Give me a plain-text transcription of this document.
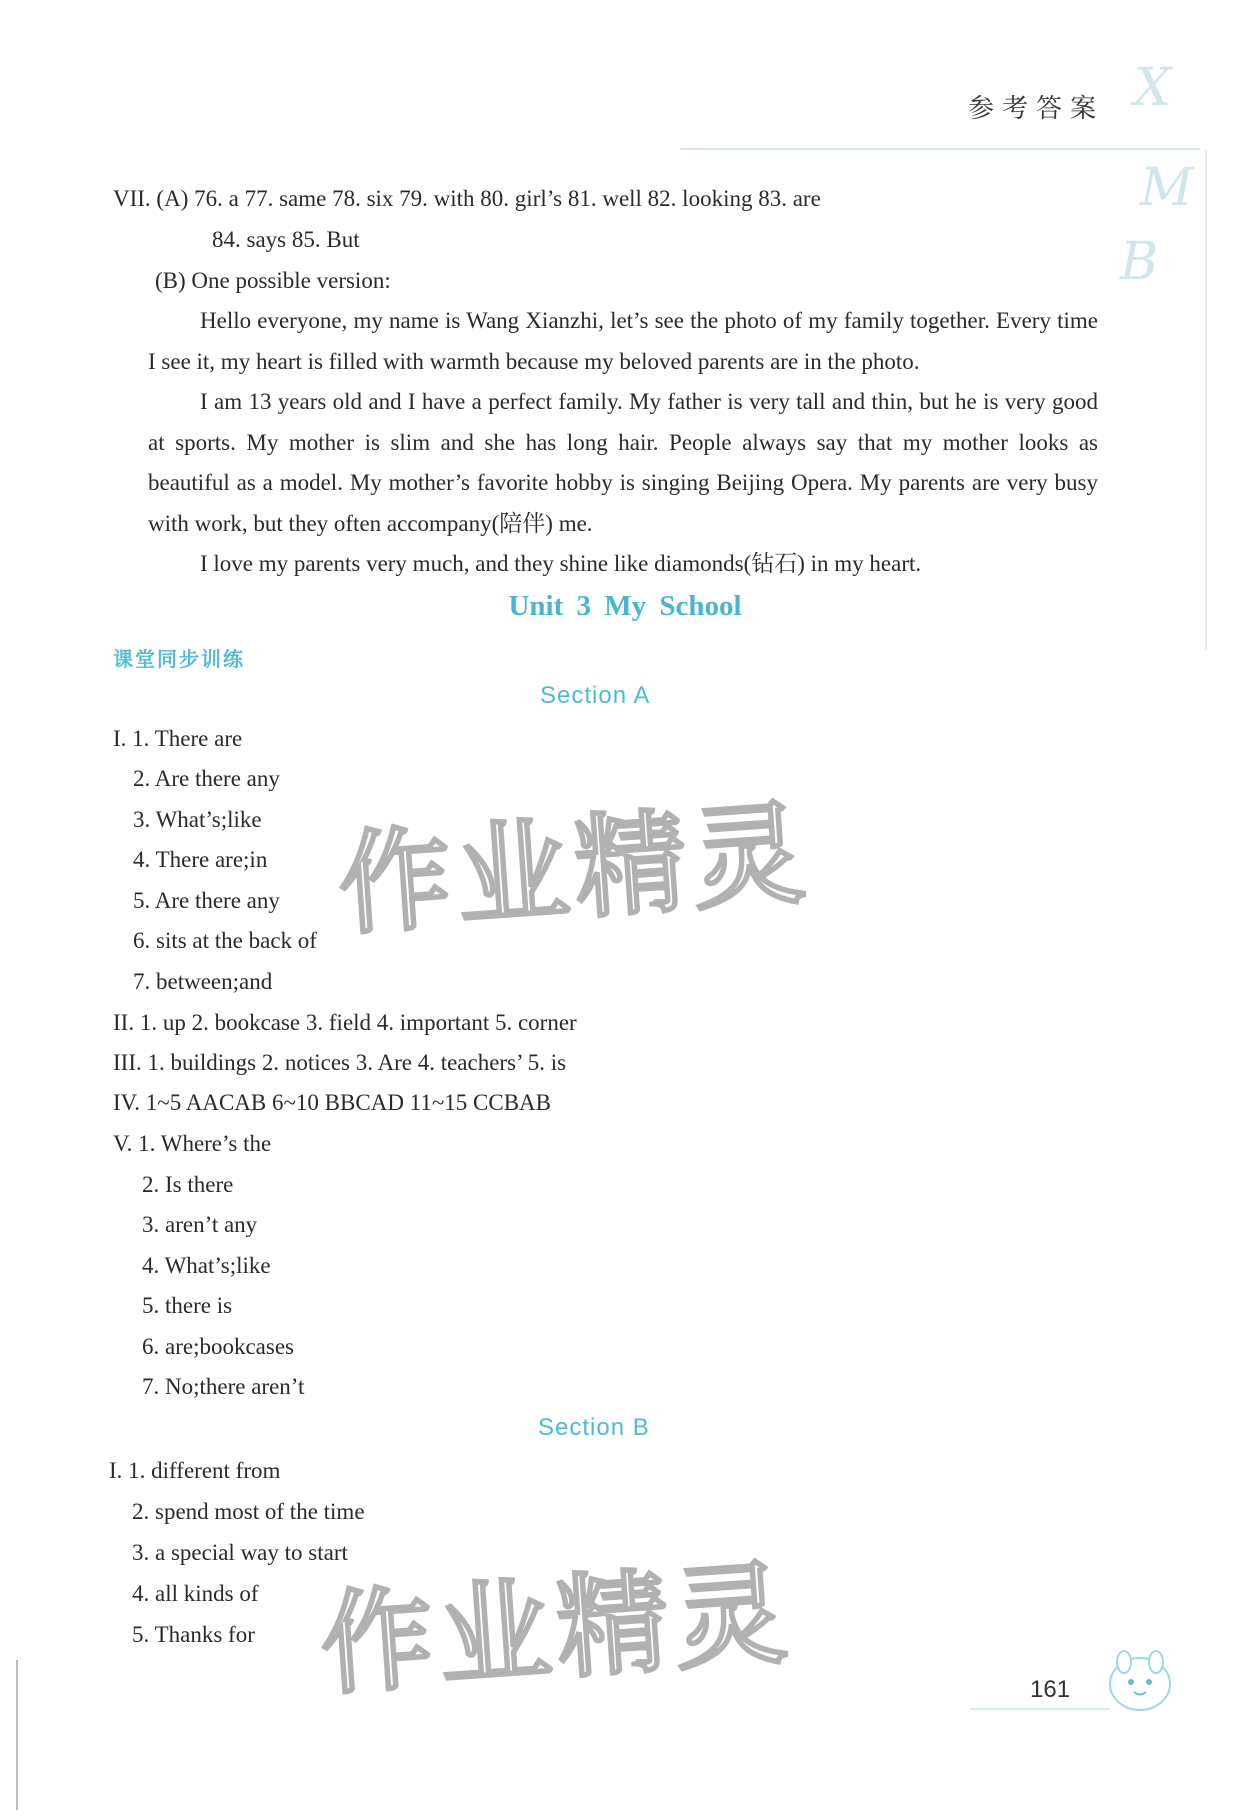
参考答案 X
M
B
VII. (A) 76. a 77. same 78. six 79. with 80. girl’s 81. well 82. looking 83. are
84. says 85. But
(B) One possible version:
Hello everyone, my name is Wang Xianzhi, let’s see the photo of my family together. Every time I see it, my heart is filled with warmth because my beloved parents are in the photo.
I am 13 years old and I have a perfect family. My father is very tall and thin, but he is very good at sports. My mother is slim and she has long hair. People always say that my mother looks as beautiful as a model. My mother’s favorite hobby is singing Beijing Opera. My parents are very busy with work, but they often accompany(陪伴) me.
I love my parents very much, and they shine like diamonds(钻石) in my heart.
Unit 3 My School
课堂同步训练
Section A
I. 1. There are
2. Are there any
3. What’s;like
4. There are;in
5. Are there any
6. sits at the back of
7. between;and
II. 1. up 2. bookcase 3. field 4. important 5. corner
III. 1. buildings 2. notices 3. Are 4. teachers’ 5. is
IV. 1~5 AACAB 6~10 BBCAD 11~15 CCBAB
V. 1. Where’s the
2. Is there
3. aren’t any
4. What’s;like
5. there is
6. are;bookcases
7. No;there aren’t
Section B
I. 1. different from
2. spend most of the time
3. a special way to start
4. all kinds of
5. Thanks for
作业精灵
作业精灵	161
